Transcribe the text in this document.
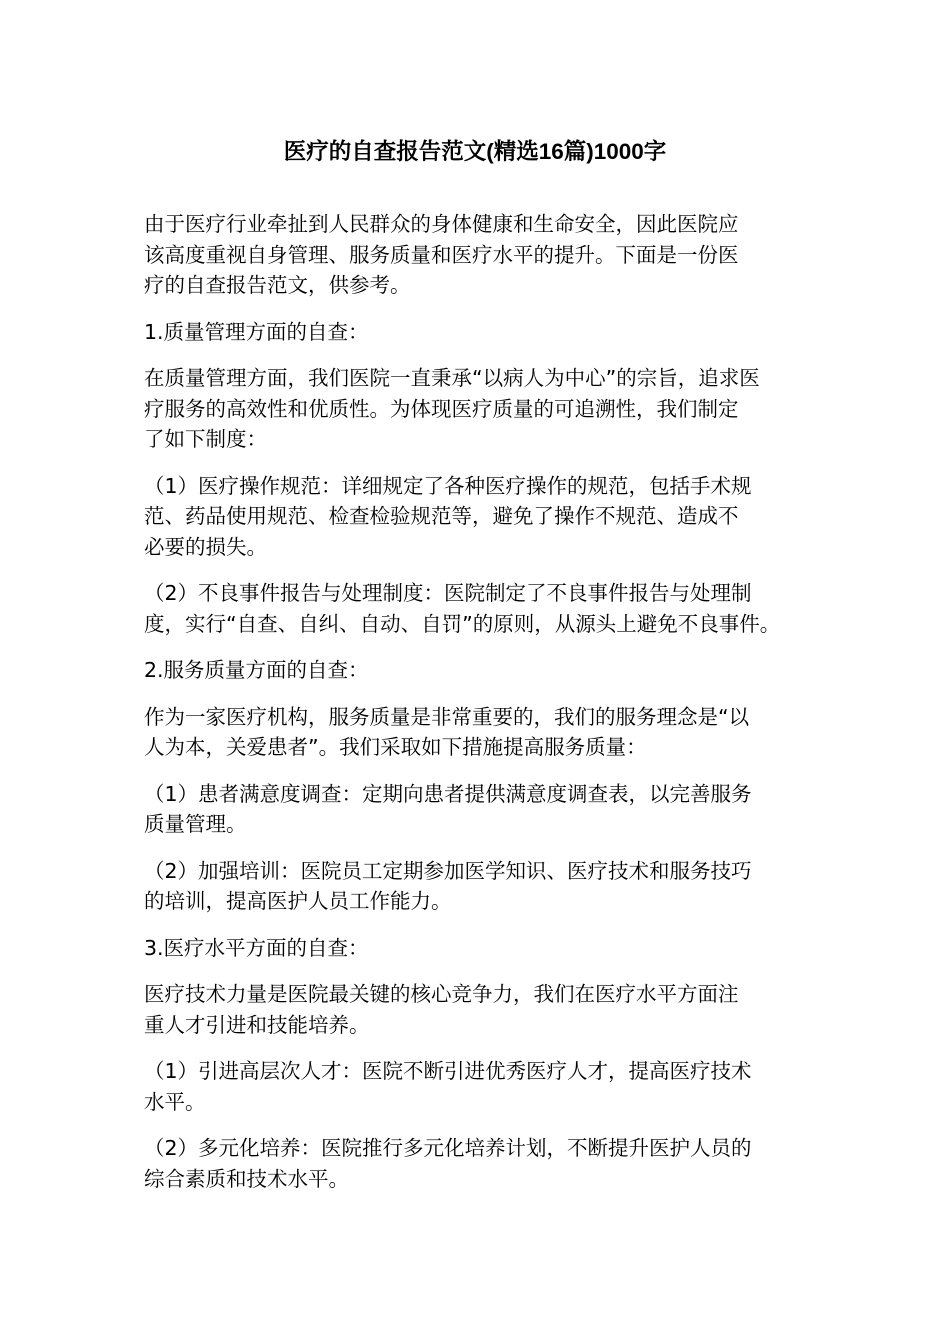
医疗的自查报告范文(精选16篇)1000字

由于医疗行业牵扯到人民群众的身体健康和生命安全，因此医院应
该高度重视自身管理、服务质量和医疗水平的提升。下面是一份医
疗的自查报告范文，供参考。

1.质量管理方面的自查：

在质量管理方面，我们医院一直秉承“以病人为中心”的宗旨，追求医
疗服务的高效性和优质性。为体现医疗质量的可追溯性，我们制定
了如下制度：

（1）医疗操作规范：详细规定了各种医疗操作的规范，包括手术规
范、药品使用规范、检查检验规范等，避免了操作不规范、造成不
必要的损失。

（2）不良事件报告与处理制度：医院制定了不良事件报告与处理制
度，实行“自查、自纠、自动、自罚”的原则，从源头上避免不良事件。

2.服务质量方面的自查：

作为一家医疗机构，服务质量是非常重要的，我们的服务理念是“以
人为本，关爱患者”。我们采取如下措施提高服务质量：

（1）患者满意度调查：定期向患者提供满意度调查表，以完善服务
质量管理。

（2）加强培训：医院员工定期参加医学知识、医疗技术和服务技巧
的培训，提高医护人员工作能力。

3.医疗水平方面的自查：

医疗技术力量是医院最关键的核心竞争力，我们在医疗水平方面注
重人才引进和技能培养。

（1）引进高层次人才：医院不断引进优秀医疗人才，提高医疗技术
水平。

（2）多元化培养：医院推行多元化培养计划，不断提升医护人员的
综合素质和技术水平。
